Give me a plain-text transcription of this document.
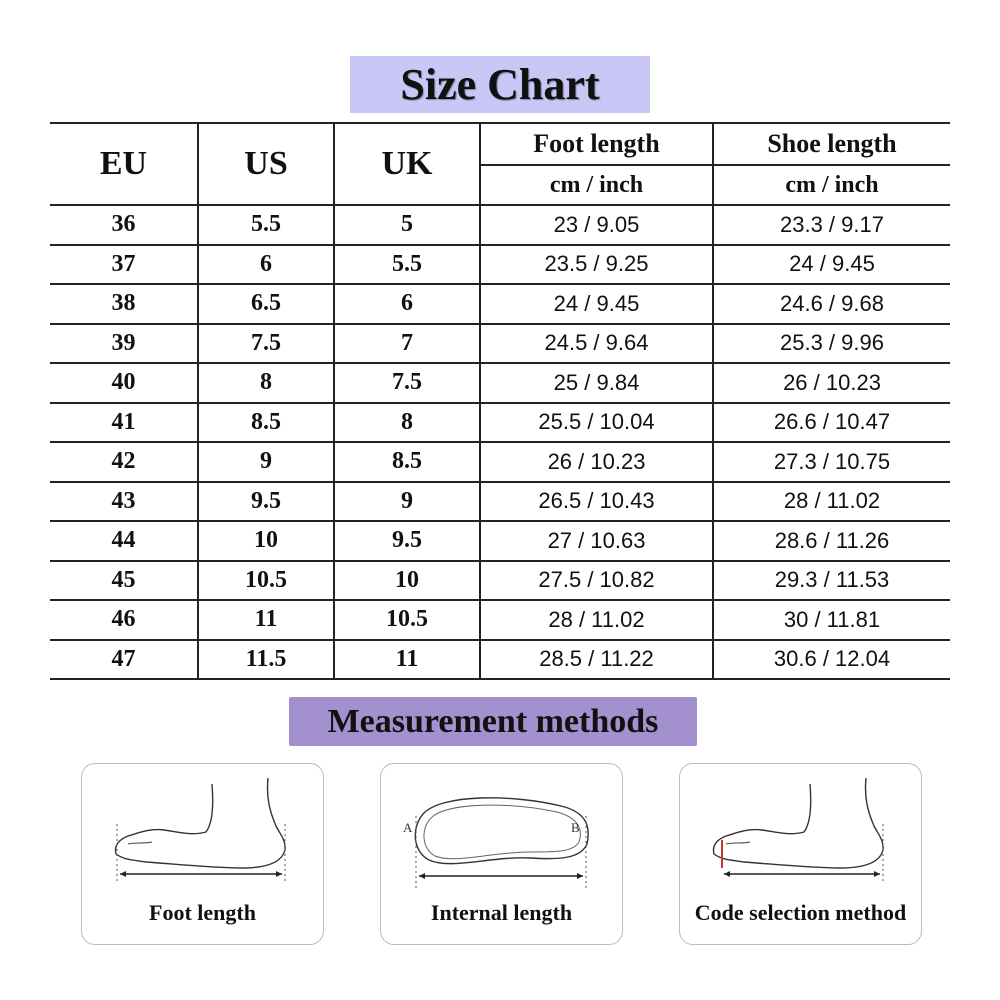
Size Chart
EU	US	UK	Foot length	Shoe length
			cm / inch	cm / inch
36	5.5	5	23 / 9.05	23.3 / 9.17
37	6	5.5	23.5 / 9.25	24 / 9.45
38	6.5	6	24 / 9.45	24.6 / 9.68
39	7.5	7	24.5 / 9.64	25.3 / 9.96
40	8	7.5	25 / 9.84	26 / 10.23
41	8.5	8	25.5 / 10.04	26.6 / 10.47
42	9	8.5	26 / 10.23	27.3 / 10.75
43	9.5	9	26.5 / 10.43	28 / 11.02
44	10	9.5	27 / 10.63	28.6 / 11.26
45	10.5	10	27.5 / 10.82	29.3 / 11.53
46	11	10.5	28 / 11.02	30 / 11.81
47	11.5	11	28.5 / 11.22	30.6 / 12.04
Measurement methods
Foot length
A	B
Internal length	Code selection method
